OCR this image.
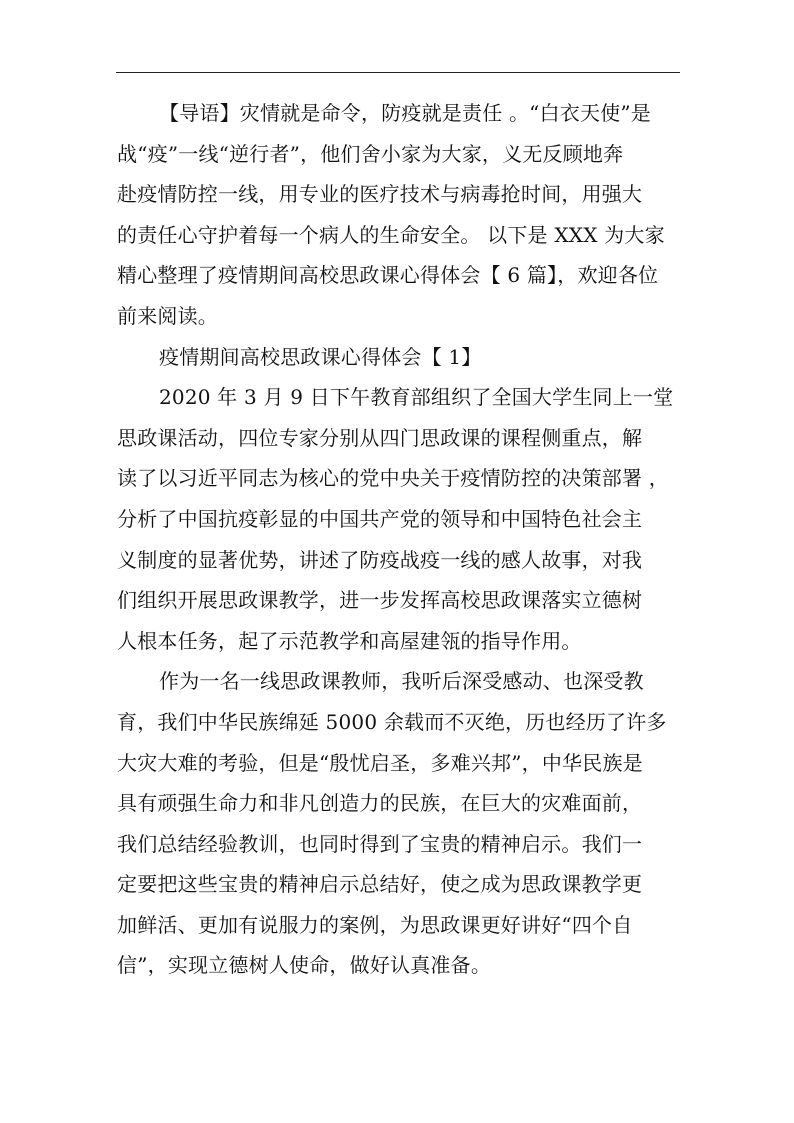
【导语】灾情就是命令，防疫就是责任 。“白衣天使”是
战“疫”一线“逆行者”，他们舍小家为大家，义无反顾地奔
赴疫情防控一线，用专业的医疗技术与病毒抢时间，用强大
的责任心守护着每一个病人的生命安全。 以下是 XXX 为大家
精心整理了疫情期间高校思政课心得体会【 6 篇】，欢迎各位
前来阅读。
疫情期间高校思政课心得体会【 1】
2020 年 3 月 9 日下午教育部组织了全国大学生同上一堂
思政课活动，四位专家分别从四门思政课的课程侧重点，解
读了以习近平同志为核心的党中央关于疫情防控的决策部署 ，
分析了中国抗疫彰显的中国共产党的领导和中国特色社会主
义制度的显著优势，讲述了防疫战疫一线的感人故事，对我
们组织开展思政课教学，进一步发挥高校思政课落实立德树
人根本任务，起了示范教学和高屋建瓴的指导作用。
作为一名一线思政课教师，我听后深受感动、也深受教
育，我们中华民族绵延 5000 余载而不灭绝，历也经历了许多
大灾大难的考验，但是“殷忧启圣，多难兴邦”，中华民族是
具有顽强生命力和非凡创造力的民族，在巨大的灾难面前，
我们总结经验教训，也同时得到了宝贵的精神启示。我们一
定要把这些宝贵的精神启示总结好，使之成为思政课教学更
加鲜活、更加有说服力的案例，为思政课更好讲好“四个自
信”，实现立德树人使命，做好认真准备。
